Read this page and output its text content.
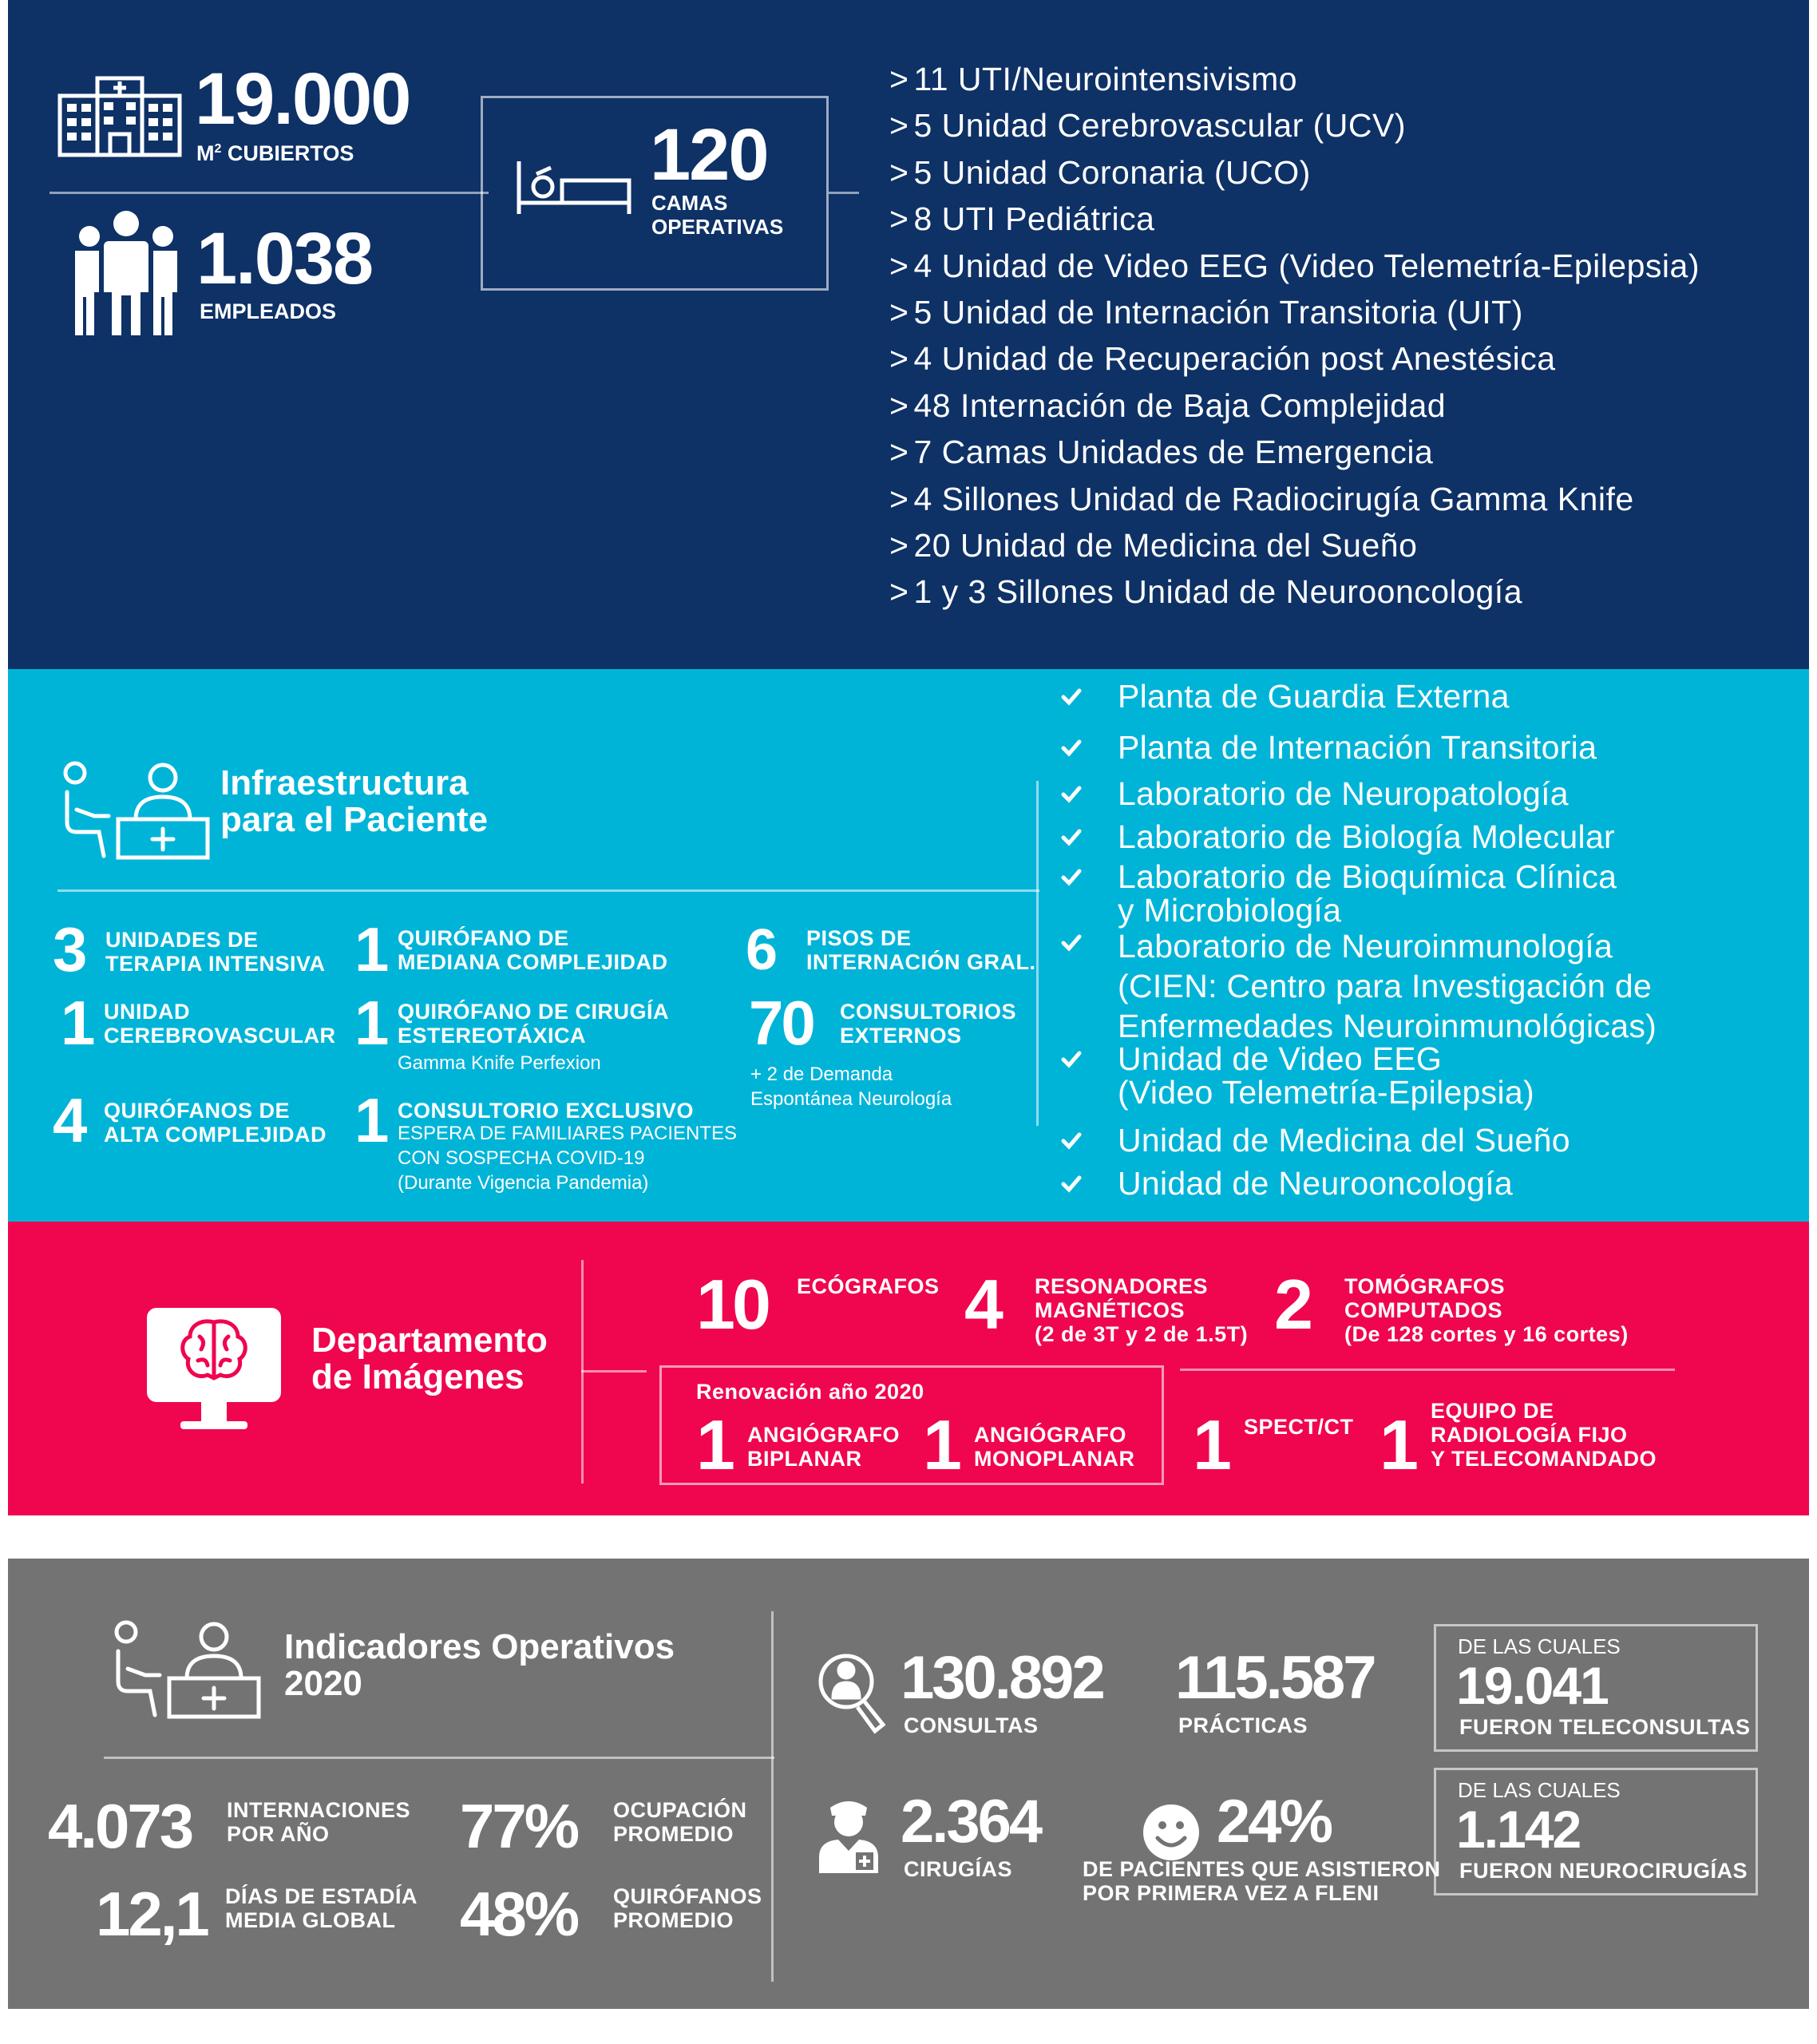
19.000
$M^2$ CUBIERTOS
1.038
EMPLEADOS
120
CAMAS
OPERATIVAS
> 11 UTI/Neurointensivismo
> 5 Unidad Cerebrovascular (UCV)
> 5 Unidad Coronaria (UCO)
> 8 UTI Pediátrica
> 4 Unidad de Video EEG (Video Telemetría-Epilepsia)
> 5 Unidad de Internación Transitoria (UIT)
> 4 Unidad de Recuperación post Anestésica
> 48 Internación de Baja Complejidad
> 7 Camas Unidades de Emergencia
> 4 Sillones Unidad de Radiocirugía Gamma Knife
> 20 Unidad de Medicina del Sueño
> 1 y 3 Sillones Unidad de Neurooncología
Infraestructura
para el Paciente
3 UNIDADES DE
TERAPIA INTENSIVA
1 UNIDAD
CEREBROVASCULAR
4 QUIRÓFANOS DE
ALTA COMPLEJIDAD
1 QUIRÓFANO DE
MEDIANA COMPLEJIDAD
1 QUIRÓFANO DE CIRUGÍA
ESTEREOTÁXICA
Gamma Knife Perfexion
1 CONSULTORIO EXCLUSIVO
ESPERA DE FAMILIARES PACIENTES
CON SOSPECHA COVID-19
(Durante Vigencia Pandemia)
6 PISOS DE
INTERNACIÓN GRAL.
70 CONSULTORIOS
EXTERNOS
+ 2 de Demanda
Espontánea Neurología
Planta de Guardia Externa
Planta de Internación Transitoria
Laboratorio de Neuropatología
Laboratorio de Biología Molecular
Laboratorio de Bioquímica Clínica
y Microbiología
Laboratorio de Neuroinmunología
(CIEN: Centro para Investigación de
Enfermedades Neuroinmunológicas)
Unidad de Video EEG
(Video Telemetría-Epilepsia)
Unidad de Medicina del Sueño
Unidad de Neurooncología
Departamento
de Imágenes
10 ECÓGRAFOS 4 RESONADORES
MAGNÉTICOS
(2 de 3T y 2 de 1.5T) 2 TOMÓGRAFOS
COMPUTADOS
(De 128 cortes y 16 cortes)
Renovación año 2020
1 ANGIÓGRAFO
BIPLANAR 1 ANGIÓGRAFO
MONOPLANAR 1 SPECT/CT 1 EQUIPO DE
RADIOLOGÍA FIJO
Y TELECOMANDADO
Indicadores Operativos
2020
4.073 INTERNACIONES
POR AÑO	77% OCUPACIÓN
PROMEDIO
12,1 DÍAS DE ESTADÍA
MEDIA GLOBAL	48% QUIRÓFANOS
PROMEDIO
130.892
CONSULTAS
115.587
PRÁCTICAS
DE LAS CUALES
19.041
FUERON TELECONSULTAS
2.364
CIRUGÍAS
24%
DE PACIENTES QUE ASISTIERON
POR PRIMERA VEZ A FLENI
DE LAS CUALES
1.142
FUERON NEUROCIRUGÍAS
